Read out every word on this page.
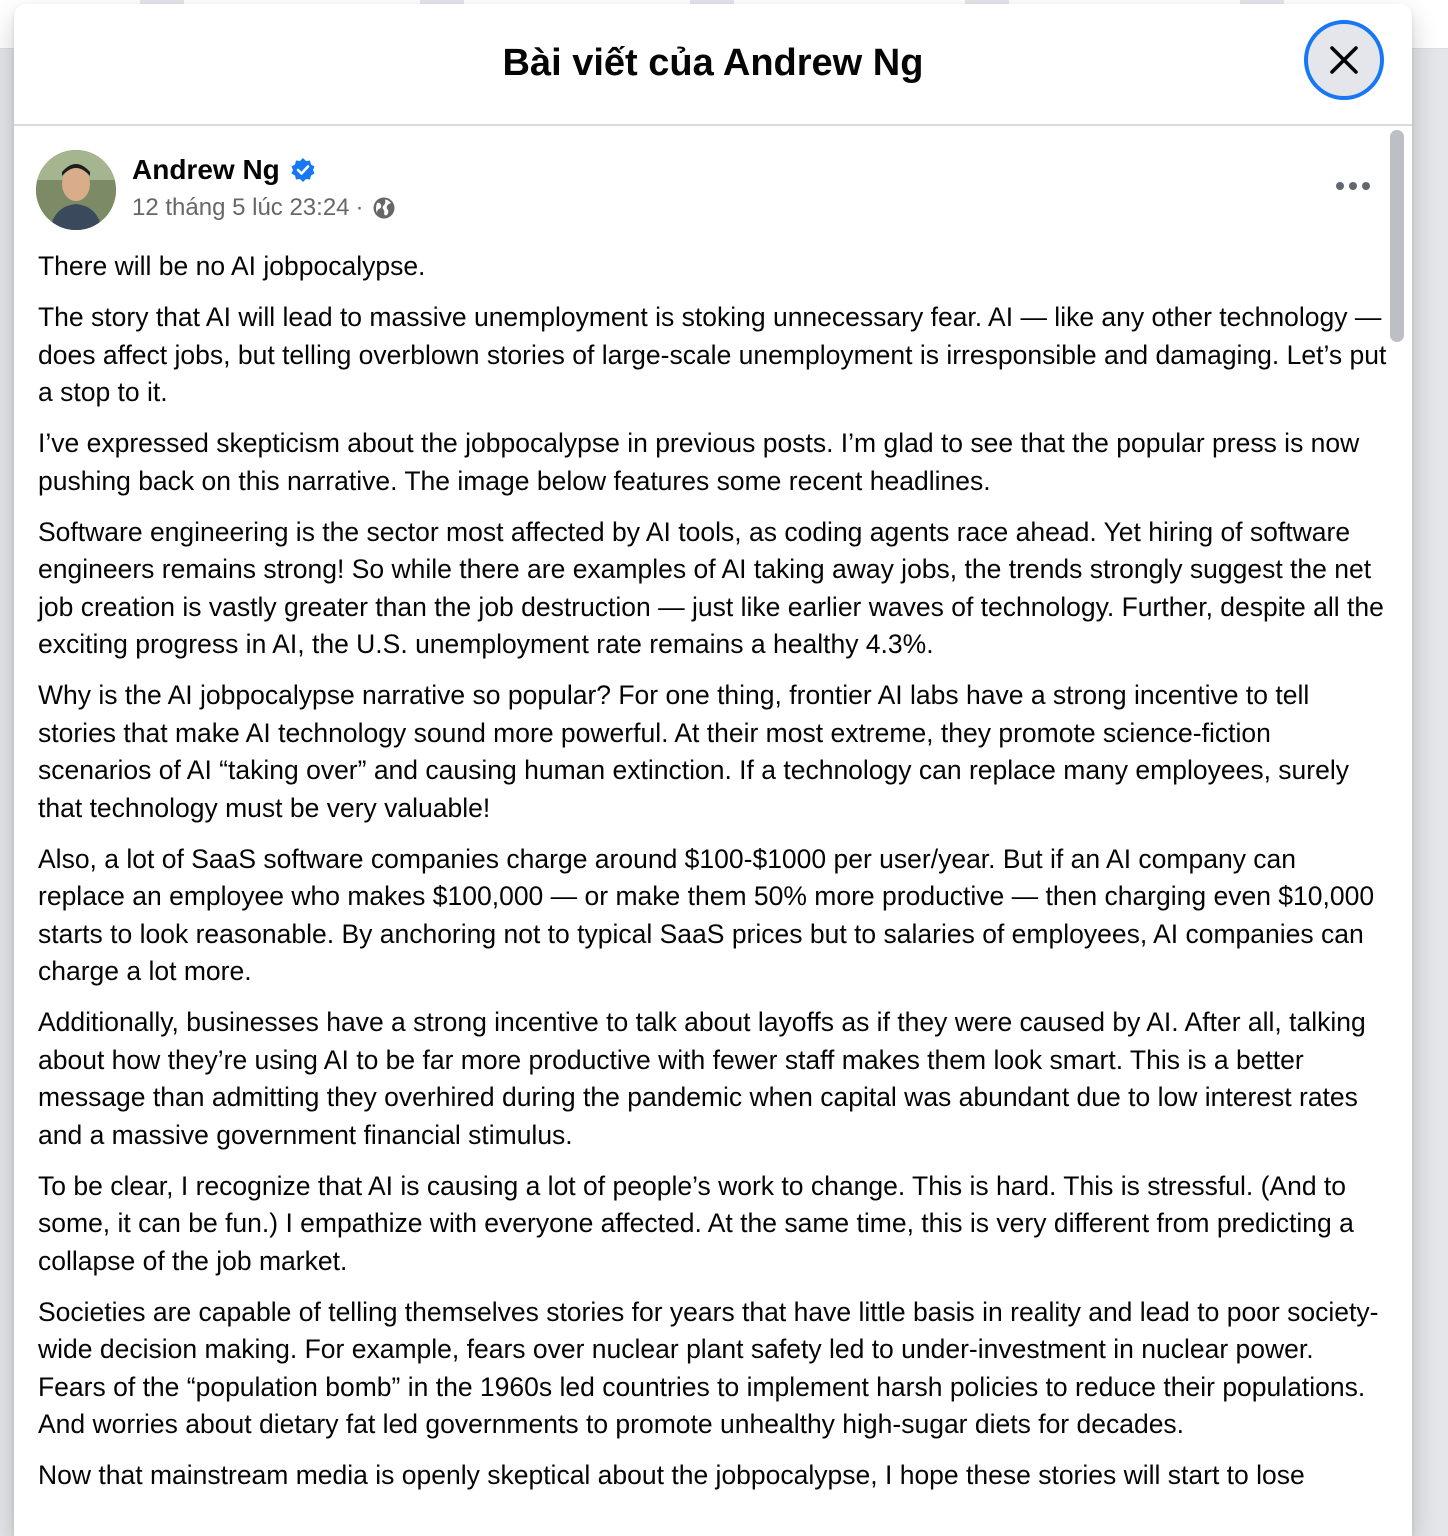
Bài viết của Andrew Ng
Andrew Ng
12 tháng 5 lúc 23:24 ·

There will be no AI jobpocalypse.

The story that AI will lead to massive unemployment is stoking unnecessary fear. AI — like any other technology — does affect jobs, but telling overblown stories of large-scale unemployment is irresponsible and damaging. Let’s put a stop to it.

I’ve expressed skepticism about the jobpocalypse in previous posts. I’m glad to see that the popular press is now pushing back on this narrative. The image below features some recent headlines.

Software engineering is the sector most affected by AI tools, as coding agents race ahead. Yet hiring of software engineers remains strong! So while there are examples of AI taking away jobs, the trends strongly suggest the net job creation is vastly greater than the job destruction — just like earlier waves of technology. Further, despite all the exciting progress in AI, the U.S. unemployment rate remains a healthy 4.3%.

Why is the AI jobpocalypse narrative so popular? For one thing, frontier AI labs have a strong incentive to tell stories that make AI technology sound more powerful. At their most extreme, they promote science-fiction scenarios of AI “taking over” and causing human extinction. If a technology can replace many employees, surely that technology must be very valuable!

Also, a lot of SaaS software companies charge around $100-$1000 per user/year. But if an AI company can replace an employee who makes $100,000 — or make them 50% more productive — then charging even $10,000 starts to look reasonable. By anchoring not to typical SaaS prices but to salaries of employees, AI companies can charge a lot more.

Additionally, businesses have a strong incentive to talk about layoffs as if they were caused by AI. After all, talking about how they’re using AI to be far more productive with fewer staff makes them look smart. This is a better message than admitting they overhired during the pandemic when capital was abundant due to low interest rates and a massive government financial stimulus.

To be clear, I recognize that AI is causing a lot of people’s work to change. This is hard. This is stressful. (And to some, it can be fun.) I empathize with everyone affected. At the same time, this is very different from predicting a collapse of the job market.

Societies are capable of telling themselves stories for years that have little basis in reality and lead to poor society-wide decision making. For example, fears over nuclear plant safety led to under-investment in nuclear power. Fears of the “population bomb” in the 1960s led countries to implement harsh policies to reduce their populations. And worries about dietary fat led governments to promote unhealthy high-sugar diets for decades.

Now that mainstream media is openly skeptical about the jobpocalypse, I hope these stories will start to lose
